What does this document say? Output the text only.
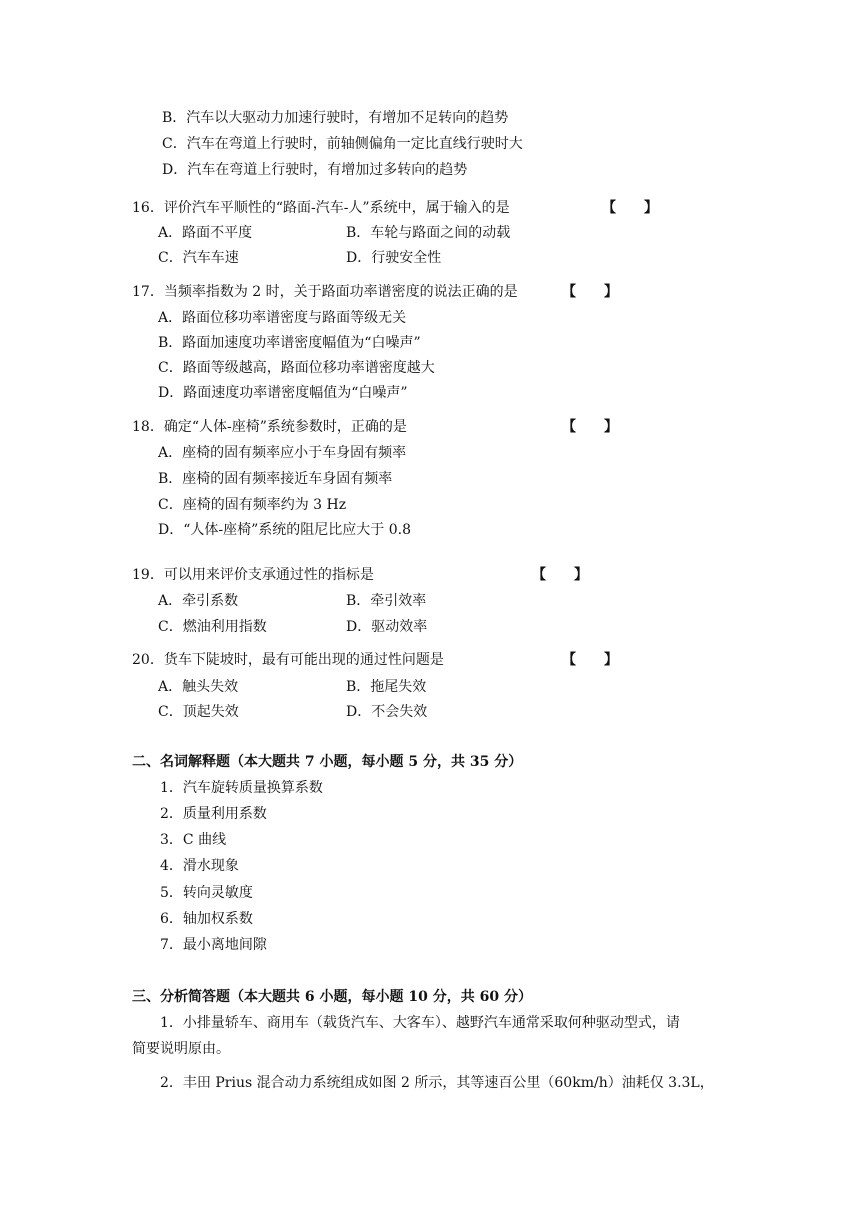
B．汽车以大驱动力加速行驶时，有增加不足转向的趋势
C．汽车在弯道上行驶时，前轴侧偏角一定比直线行驶时大
D．汽车在弯道上行驶时，有增加过多转向的趋势
16．评价汽车平顺性的“路面-汽车-人”系统中，属于输入的是	【　　】
A．路面不平度	B．车轮与路面之间的动载
C．汽车车速	D．行驶安全性
17．当频率指数为 2 时，关于路面功率谱密度的说法正确的是	【　　】
A．路面位移功率谱密度与路面等级无关
B．路面加速度功率谱密度幅值为“白噪声”
C．路面等级越高，路面位移功率谱密度越大
D．路面速度功率谱密度幅值为“白噪声”
18．确定“人体-座椅”系统参数时，正确的是	【　　】
A．座椅的固有频率应小于车身固有频率
B．座椅的固有频率接近车身固有频率
C．座椅的固有频率约为 3 Hz
D．“人体-座椅”系统的阻尼比应大于 0.8
19．可以用来评价支承通过性的指标是	【　　】
A．牵引系数	B．牵引效率
C．燃油利用指数	D．驱动效率
20．货车下陡坡时，最有可能出现的通过性问题是	【　　】
A．触头失效	B．拖尾失效
C．顶起失效	D．不会失效
二、名词解释题（本大题共 7 小题，每小题 5 分，共 35 分）
1．汽车旋转质量换算系数
2．质量利用系数
3．C 曲线
4．滑水现象
5．转向灵敏度
6．轴加权系数
7．最小离地间隙
三、分析简答题（本大题共 6 小题，每小题 10 分，共 60 分）
1．小排量轿车、商用车（载货汽车、大客车）、越野汽车通常采取何种驱动型式，请
简要说明原由。
2．丰田 Prius 混合动力系统组成如图 2 所示，其等速百公里（60km/h）油耗仅 3.3L，
